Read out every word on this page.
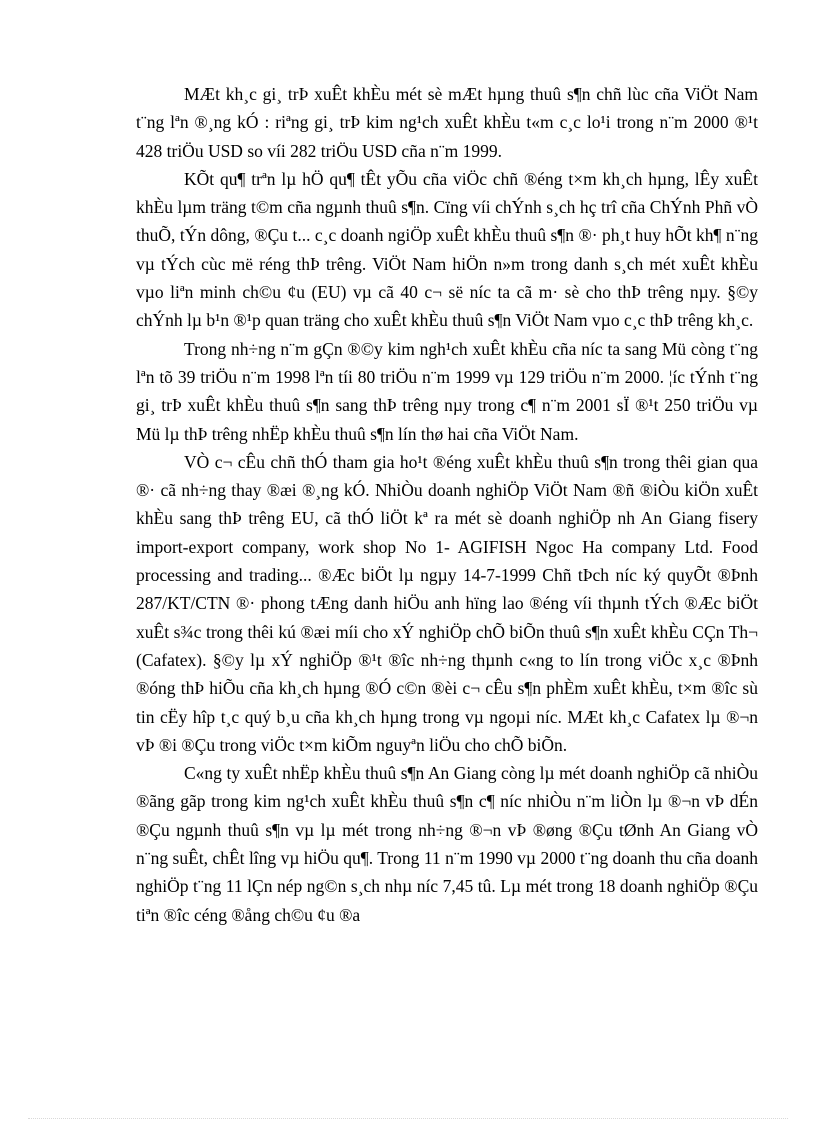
MÆt kh¸c gi¸ trÞ xuÊt khÈu mét sè mÆt hµng thuû s¶n chñ lùc cña ViÖt Nam t¨ng lªn ®¸ng kÓ : riªng gi¸ trÞ kim ng¹ch xuÊt khÈu t«m c¸c lo¹i trong n¨m 2000 ®¹t 428 triÖu USD so víi 282 triÖu USD cña n¨m 1999.

KÕt qu¶ trªn lµ hÖ qu¶ tÊt yÕu cña viÖc chñ ®éng t×m kh¸ch hµng, lÊy xuÊt khÈu lµm träng t©m cña ngµnh thuû s¶n. Cïng víi chÝnh s¸ch hç trî cña ChÝnh Phñ vÒ thuÕ, tÝn dông, ®Çu t... c¸c doanh ngiÖp xuÊt khÈu thuû s¶n ®· ph¸t huy hÕt kh¶ n¨ng vµ tÝch cùc më réng thÞ trêng. ViÖt Nam hiÖn n»m trong danh s¸ch mét xuÊt khÈu vµo liªn minh ch©u ¢u (EU) vµ cã 40 c¬ së níc ta cã m· sè cho thÞ trêng nµy. §©y chÝnh lµ b¹n ®¹p quan träng cho xuÊt khÈu thuû s¶n ViÖt Nam vµo c¸c thÞ trêng kh¸c.

Trong nh÷ng n¨m gÇn ®©y kim ngh¹ch xuÊt khÈu cña níc ta sang Mü còng t¨ng lªn tõ 39 triÖu n¨m 1998 lªn tíi 80 triÖu n¨m 1999 vµ 129 triÖu n¨m 2000. ¦íc tÝnh t¨ng gi¸ trÞ xuÊt khÈu thuû s¶n sang thÞ trêng nµy trong c¶ n¨m 2001 sÏ ®¹t 250 triÖu vµ Mü lµ thÞ trêng nhËp khÈu thuû s¶n lín thø hai cña ViÖt Nam.

VÒ c¬ cÊu chñ thÓ tham gia ho¹t ®éng xuÊt khÈu thuû s¶n trong thêi gian qua ®· cã nh÷ng thay ®æi ®¸ng kÓ. NhiÒu doanh nghiÖp ViÖt Nam ®ñ ®iÒu kiÖn xuÊt khÈu sang thÞ trêng EU, cã thÓ liÖt kª ra mét sè doanh nghiÖp nh An Giang fisery import-export company, work shop No 1- AGIFISH Ngoc Ha company Ltd. Food processing and trading... ®Æc biÖt lµ ngµy 14-7-1999 Chñ tÞch níc ký quyÕt ®Þnh 287/KT/CTN ®· phong tÆng danh hiÖu anh hïng lao ®éng víi thµnh tÝch ®Æc biÖt xuÊt s¾c trong thêi kú ®æi míi cho xÝ nghiÖp chÕ biÕn thuû s¶n xuÊt khÈu CÇn Th¬ (Cafatex). §©y lµ xÝ nghiÖp ®¹t ®îc nh÷ng thµnh c«ng to lín trong viÖc x¸c ®Þnh ®óng thÞ hiÕu cña kh¸ch hµng ®Ó c©n ®èi c¬ cÊu s¶n phÈm xuÊt khÈu, t×m ®îc sù tin cËy hîp t¸c quý b¸u cña kh¸ch hµng trong vµ ngoµi níc. MÆt kh¸c Cafatex lµ ®¬n vÞ ®i ®Çu trong viÖc t×m kiÕm nguyªn liÖu cho chÕ biÕn.

C«ng ty xuÊt nhËp khÈu thuû s¶n An Giang còng lµ mét doanh nghiÖp cã nhiÒu ®ãng gãp trong kim ng¹ch xuÊt khÈu thuû s¶n c¶ níc nhiÒu n¨m liÒn lµ ®¬n vÞ dÉn ®Çu ngµnh thuû s¶n vµ lµ mét trong nh÷ng ®¬n vÞ ®øng ®Çu tØnh An Giang vÒ n¨ng suÊt, chÊt lîng vµ hiÖu qu¶. Trong 11 n¨m 1990 vµ 2000 t¨ng doanh thu cña doanh nghiÖp t¨ng 11 lÇn nép ng©n s¸ch nhµ níc 7,45 tû. Lµ mét trong 18 doanh nghiÖp ®Çu tiªn ®îc céng ®ång ch©u ¢u ®a
